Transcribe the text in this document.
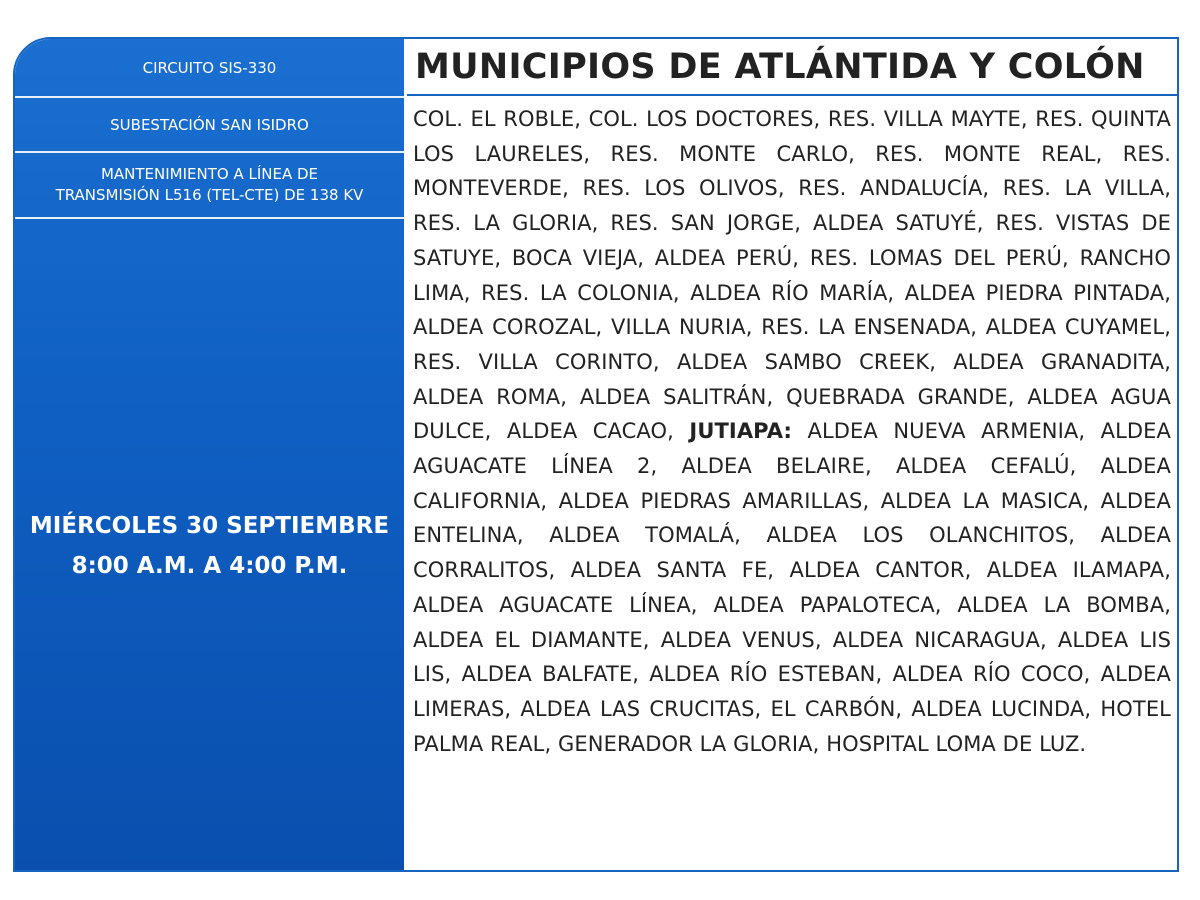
CIRCUITO SIS-330
SUBESTACIÓN SAN ISIDRO
MANTENIMIENTO A LÍNEA DE
TRANSMISIÓN L516 (TEL-CTE) DE 138 KV
MIÉRCOLES 30 SEPTIEMBRE
8:00 A.M. A 4:00 P.M.
MUNICIPIOS DE ATLÁNTIDA Y COLÓN

COL. EL ROBLE, COL. LOS DOCTORES, RES. VILLA MAYTE, RES. QUINTA LOS LAURELES, RES. MONTE CARLO, RES. MONTE REAL, RES. MONTEVERDE, RES. LOS OLIVOS, RES. ANDALUCÍA, RES. LA VILLA, RES. LA GLORIA, RES. SAN JORGE, ALDEA SATUYÉ, RES. VISTAS DE SATUYE, BOCA VIEJA, ALDEA PERÚ, RES. LOMAS DEL PERÚ, RANCHO LIMA, RES. LA COLONIA, ALDEA RÍO MARÍA, ALDEA PIEDRA PINTADA, ALDEA COROZAL, VILLA NURIA, RES. LA ENSENADA, ALDEA CUYAMEL, RES. VILLA CORINTO, ALDEA SAMBO CREEK, ALDEA GRANADITA, ALDEA ROMA, ALDEA SALITRÁN, QUEBRADA GRANDE, ALDEA AGUA DULCE, ALDEA CACAO, JUTIAPA: ALDEA NUEVA ARMENIA, ALDEA AGUACATE LÍNEA 2, ALDEA BELAIRE, ALDEA CEFALÚ, ALDEA CALIFORNIA, ALDEA PIEDRAS AMARILLAS, ALDEA LA MASICA, ALDEA ENTELINA, ALDEA TOMALÁ, ALDEA LOS OLANCHITOS, ALDEA CORRALITOS, ALDEA SANTA FE, ALDEA CANTOR, ALDEA ILAMAPA, ALDEA AGUACATE LÍNEA, ALDEA PAPALOTECA, ALDEA LA BOMBA, ALDEA EL DIAMANTE, ALDEA VENUS, ALDEA NICARAGUA, ALDEA LIS LIS, ALDEA BALFATE, ALDEA RÍO ESTEBAN, ALDEA RÍO COCO, ALDEA LIMERAS, ALDEA LAS CRUCITAS, EL CARBÓN, ALDEA LUCINDA, HOTEL PALMA REAL, GENERADOR LA GLORIA, HOSPITAL LOMA DE LUZ.
